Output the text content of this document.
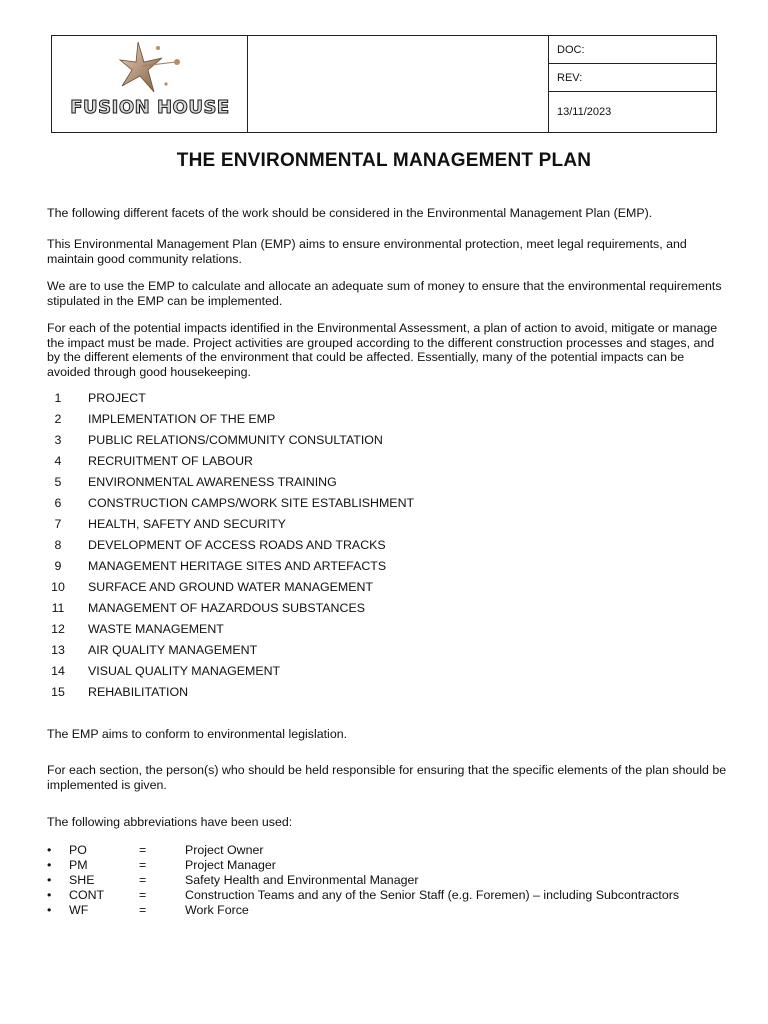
FUSION HOUSE
DOC:
REV:
13/11/2023
THE ENVIRONMENTAL MANAGEMENT PLAN
The following different facets of the work should be considered in the Environmental Management Plan (EMP).
This Environmental Management Plan (EMP) aims to ensure environmental protection, meet legal requirements, and maintain good community relations.
We are to use the EMP to calculate and allocate an adequate sum of money to ensure that the environmental requirements stipulated in the EMP can be implemented.
For each of the potential impacts identified in the Environmental Assessment, a plan of action to avoid, mitigate or manage the impact must be made. Project activities are grouped according to the different construction processes and stages, and by the different elements of the environment that could be affected. Essentially, many of the potential impacts can be avoided through good housekeeping.
1	PROJECT
2	IMPLEMENTATION OF THE EMP
3	PUBLIC RELATIONS/COMMUNITY CONSULTATION
4	RECRUITMENT OF LABOUR
5	ENVIRONMENTAL AWARENESS TRAINING
6	CONSTRUCTION CAMPS/WORK SITE ESTABLISHMENT
7	HEALTH, SAFETY AND SECURITY
8	DEVELOPMENT OF ACCESS ROADS AND TRACKS
9	MANAGEMENT HERITAGE SITES AND ARTEFACTS
10	SURFACE AND GROUND WATER MANAGEMENT
11	MANAGEMENT OF HAZARDOUS SUBSTANCES
12	WASTE MANAGEMENT
13	AIR QUALITY MANAGEMENT
14	VISUAL QUALITY MANAGEMENT
15	REHABILITATION
The EMP aims to conform to environmental legislation.
For each section, the person(s) who should be held responsible for ensuring that the specific elements of the plan should be implemented is given.
The following abbreviations have been used:
• PO	=	Project Owner
• PM	=	Project Manager
• SHE	=	Safety Health and Environmental Manager
• CONT	=	Construction Teams and any of the Senior Staff (e.g. Foremen) – including Subcontractors
• WF	=	Work Force
